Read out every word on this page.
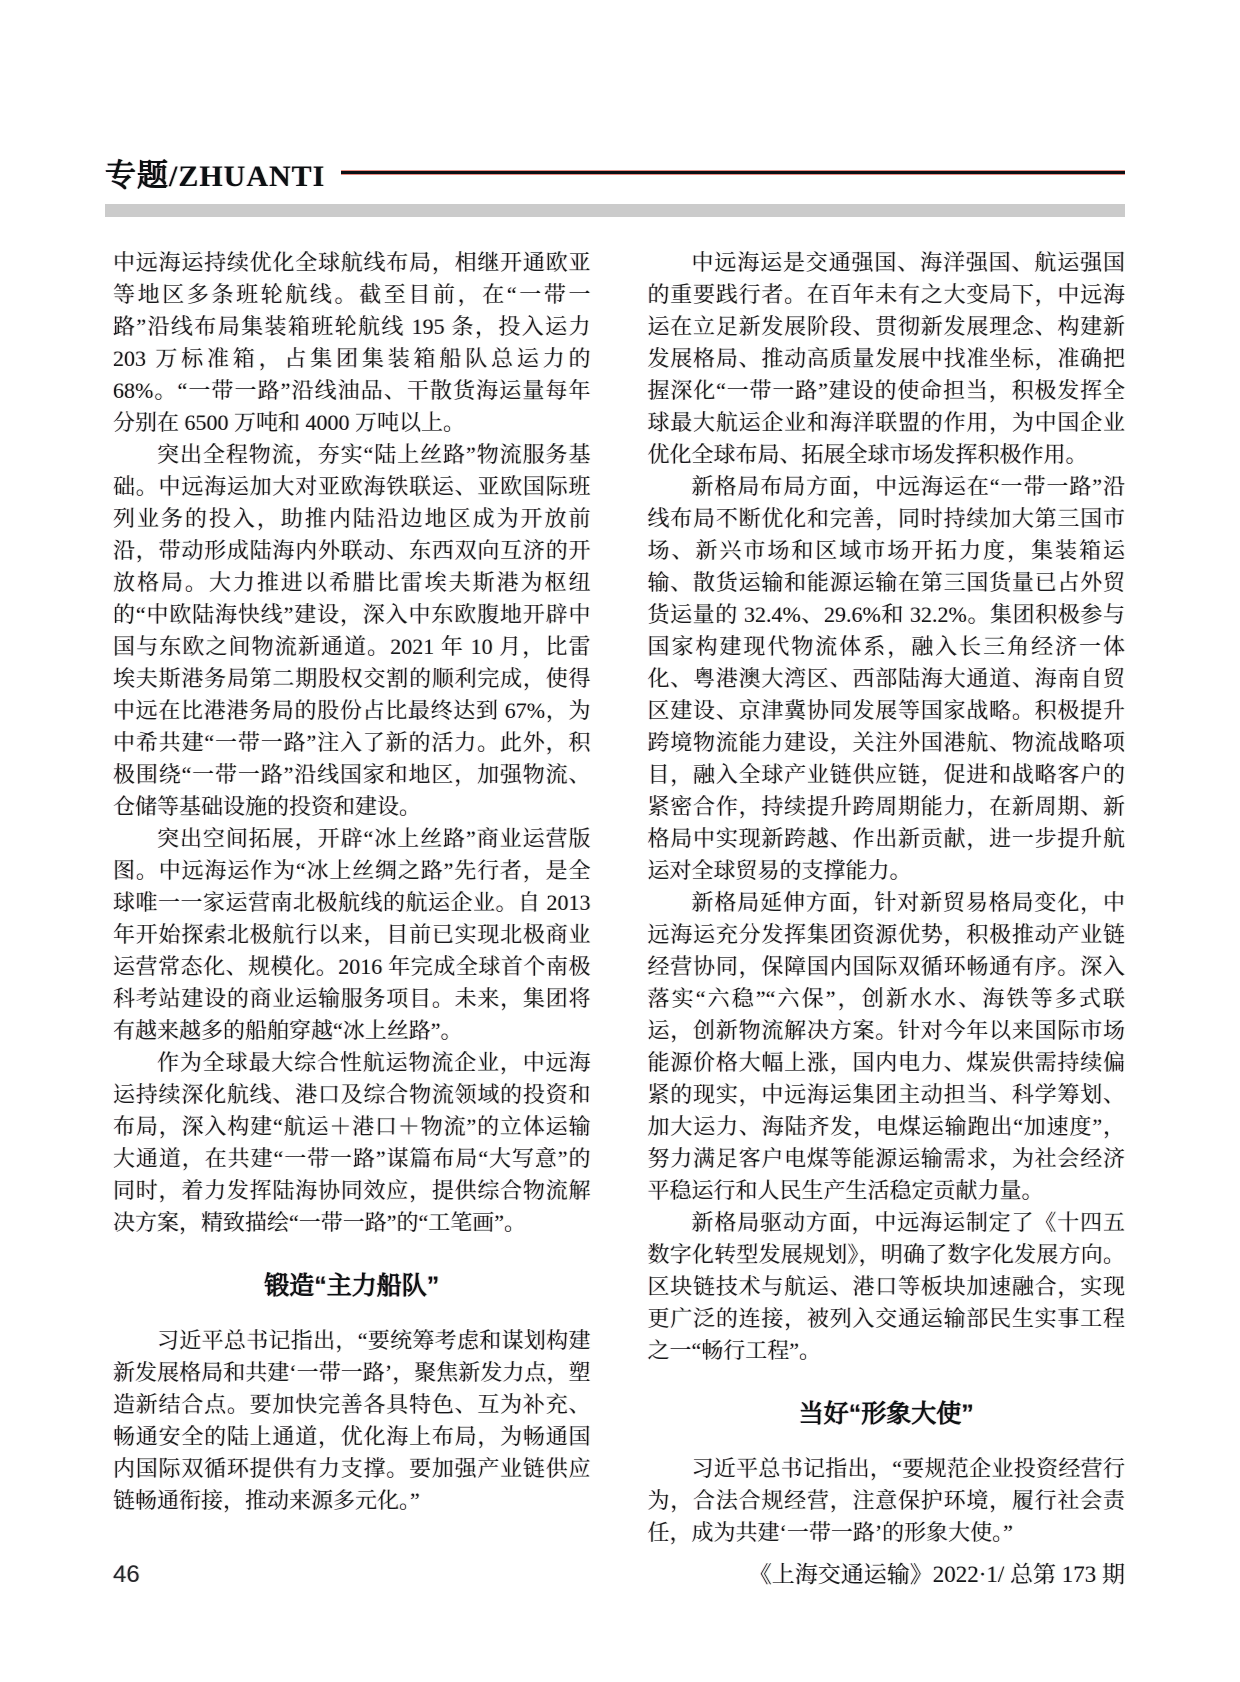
专题/ZHUANTI

中远海运持续优化全球航线布局，相继开通欧亚等地区多条班轮航线。截至目前，在“一带一路”沿线布局集装箱班轮航线 195 条，投入运力 203 万标准箱，占集团集装箱船队总运力的 68%。“一带一路”沿线油品、干散货海运量每年分别在 6500 万吨和 4000 万吨以上。

突出全程物流，夯实“陆上丝路”物流服务基础。中远海运加大对亚欧海铁联运、亚欧国际班列业务的投入，助推内陆沿边地区成为开放前沿，带动形成陆海内外联动、东西双向互济的开放格局。大力推进以希腊比雷埃夫斯港为枢纽的“中欧陆海快线”建设，深入中东欧腹地开辟中国与东欧之间物流新通道。2021 年 10 月，比雷埃夫斯港务局第二期股权交割的顺利完成，使得中远在比港港务局的股份占比最终达到 67%，为中希共建“一带一路”注入了新的活力。此外，积极围绕“一带一路”沿线国家和地区，加强物流、仓储等基础设施的投资和建设。

突出空间拓展，开辟“冰上丝路”商业运营版图。中远海运作为“冰上丝绸之路”先行者，是全球唯一一家运营南北极航线的航运企业。自 2013 年开始探索北极航行以来，目前已实现北极商业运营常态化、规模化。2016 年完成全球首个南极科考站建设的商业运输服务项目。未来，集团将有越来越多的船舶穿越“冰上丝路”。

作为全球最大综合性航运物流企业，中远海运持续深化航线、港口及综合物流领域的投资和布局，深入构建“航运＋港口＋物流”的立体运输大通道，在共建“一带一路”谋篇布局“大写意”的同时，着力发挥陆海协同效应，提供综合物流解决方案，精致描绘“一带一路”的“工笔画”。

锻造“主力船队”

习近平总书记指出，“要统筹考虑和谋划构建新发展格局和共建‘一带一路’，聚焦新发力点，塑造新结合点。要加快完善各具特色、互为补充、畅通安全的陆上通道，优化海上布局，为畅通国内国际双循环提供有力支撑。要加强产业链供应链畅通衔接，推动来源多元化。”

中远海运是交通强国、海洋强国、航运强国的重要践行者。在百年未有之大变局下，中远海运在立足新发展阶段、贯彻新发展理念、构建新发展格局、推动高质量发展中找准坐标，准确把握深化“一带一路”建设的使命担当，积极发挥全球最大航运企业和海洋联盟的作用，为中国企业优化全球布局、拓展全球市场发挥积极作用。

新格局布局方面，中远海运在“一带一路”沿线布局不断优化和完善，同时持续加大第三国市场、新兴市场和区域市场开拓力度，集装箱运输、散货运输和能源运输在第三国货量已占外贸货运量的 32.4%、29.6%和 32.2%。集团积极参与国家构建现代物流体系，融入长三角经济一体化、粤港澳大湾区、西部陆海大通道、海南自贸区建设、京津冀协同发展等国家战略。积极提升跨境物流能力建设，关注外国港航、物流战略项目，融入全球产业链供应链，促进和战略客户的紧密合作，持续提升跨周期能力，在新周期、新格局中实现新跨越、作出新贡献，进一步提升航运对全球贸易的支撑能力。

新格局延伸方面，针对新贸易格局变化，中远海运充分发挥集团资源优势，积极推动产业链经营协同，保障国内国际双循环畅通有序。深入落实“六稳”“六保”，创新水水、海铁等多式联运，创新物流解决方案。针对今年以来国际市场能源价格大幅上涨，国内电力、煤炭供需持续偏紧的现实，中远海运集团主动担当、科学筹划、加大运力、海陆齐发，电煤运输跑出“加速度”，努力满足客户电煤等能源运输需求，为社会经济平稳运行和人民生产生活稳定贡献力量。

新格局驱动方面，中远海运制定了《十四五数字化转型发展规划》，明确了数字化发展方向。区块链技术与航运、港口等板块加速融合，实现更广泛的连接，被列入交通运输部民生实事工程之一“畅行工程”。

当好“形象大使”

习近平总书记指出，“要规范企业投资经营行为，合法合规经营，注意保护环境，履行社会责任，成为共建‘一带一路’的形象大使。”

46	《上海交通运输》2022·1/ 总第 173 期
